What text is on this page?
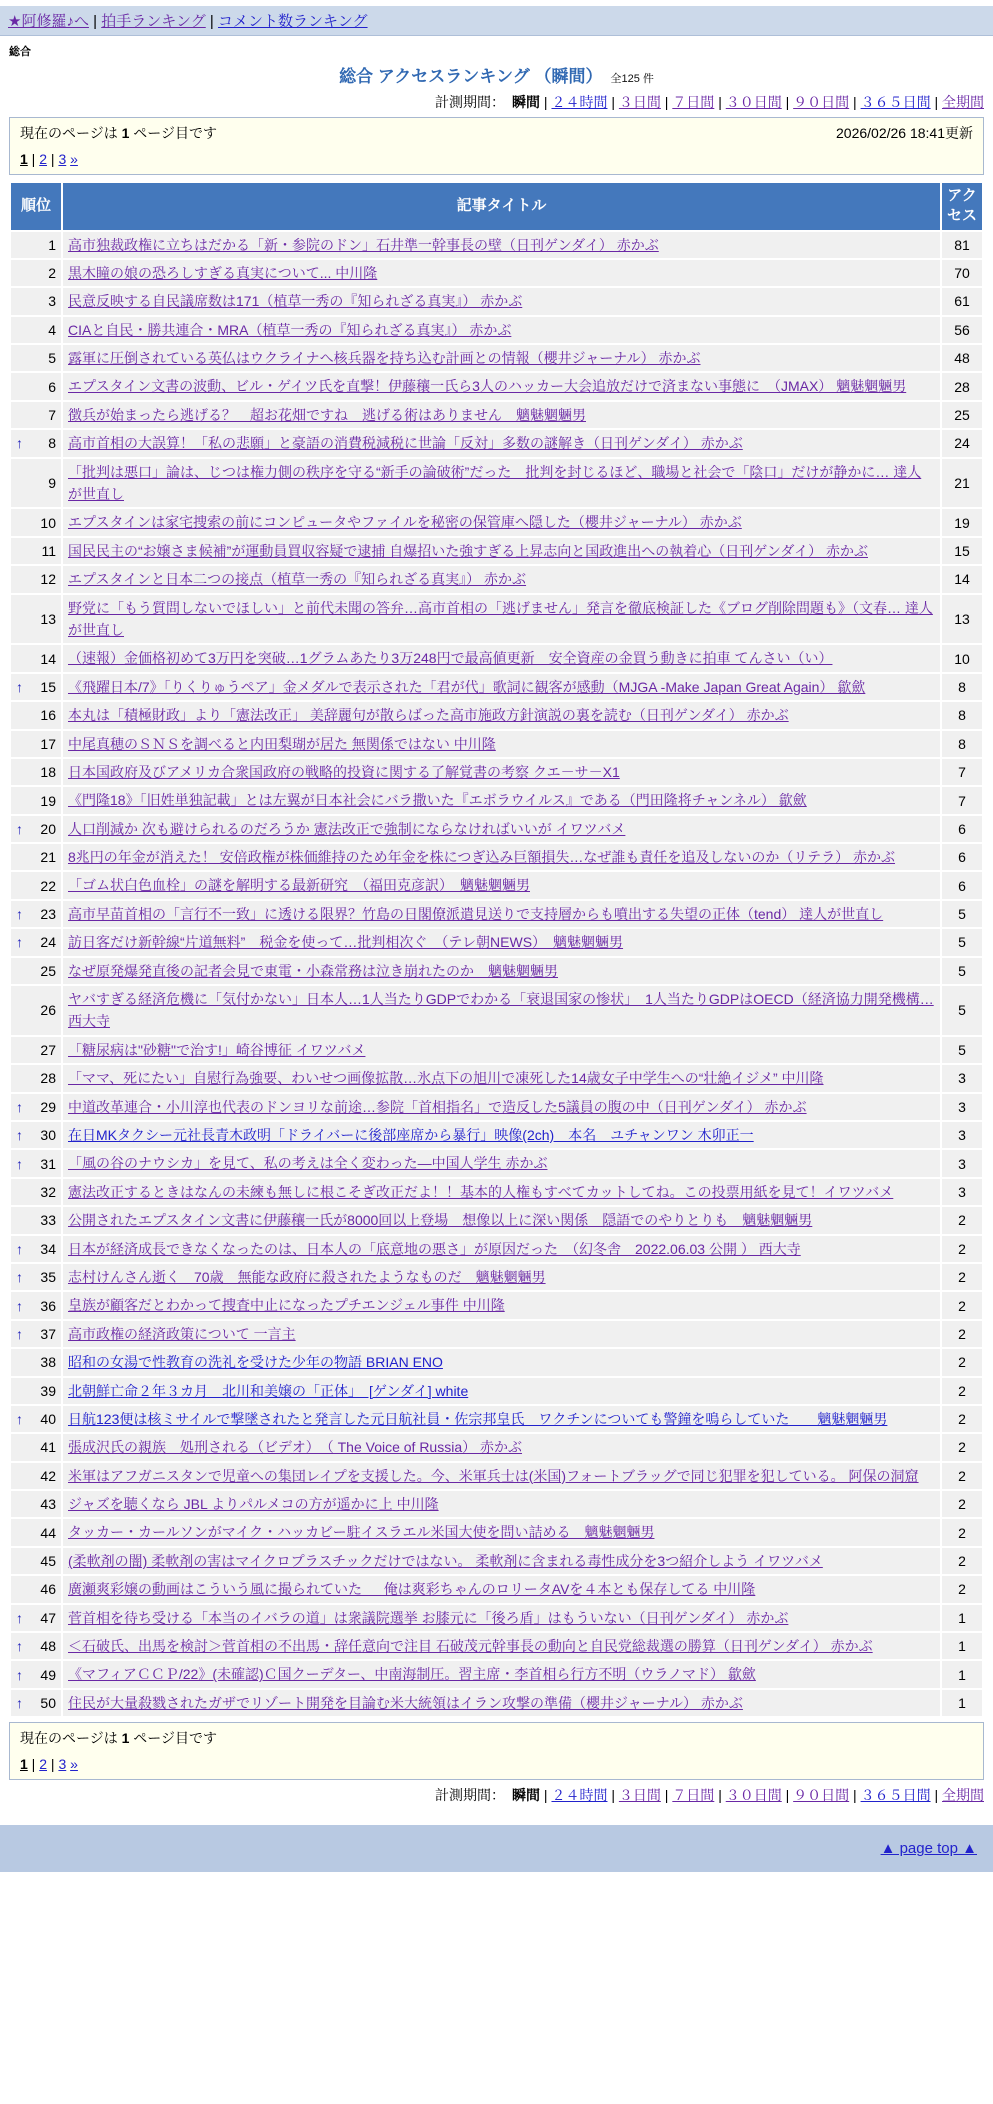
★阿修羅♪へ | 拍手ランキング | コメント数ランキング
総合
総合 アクセスランキング （瞬間） 全125 件
計測期間：　瞬間 | ２４時間 | ３日間 | ７日間 | ３０日間 | ９０日間 | ３６５日間 | 全期間
現在のページは 1 ページ目です	2026/02/26 18:41更新
1 | 2 | 3 »
順位	記事タイトル	アクセス

1	高市独裁政権に立ちはだかる「新・参院のドン」石井準一幹事長の壁（日刊ゲンダイ） 赤かぶ	81

2	黒木瞳の娘の恐ろしすぎる真実について... 中川隆	70

3	民意反映する自民議席数は171（植草一秀の『知られざる真実』） 赤かぶ	61

4	CIAと自民・勝共連合・MRA（植草一秀の『知られざる真実』） 赤かぶ	56

5	露軍に圧倒されている英仏はウクライナへ核兵器を持ち込む計画との情報（櫻井ジャーナル） 赤かぶ	48

6	エプスタイン文書の波動、ビル・ゲイツ氏を直撃！伊藤穰一氏ら3人のハッカー大会追放だけで済まない事態に　（JMAX） 魑魅魍魎男	28

7	徴兵が始まったら逃げる？　超お花畑ですね　逃げる術はありません　魑魅魍魎男	25

↑ 8	高市首相の大誤算！「私の悲願」と豪語の消費税減税に世論「反対」多数の謎解き（日刊ゲンダイ） 赤かぶ	24

9	「批判は悪口」論は、じつは権力側の秩序を守る“新手の論破術”だった　批判を封じるほど、職場と社会で「陰口」だけが静かに… 達人が世直し	21

10	エプスタインは家宅捜索の前にコンピュータやファイルを秘密の保管庫へ隠した（櫻井ジャーナル） 赤かぶ	19

11	国民民主の“お嬢さま候補”が運動員買収容疑で逮捕 自爆招いた強すぎる上昇志向と国政進出への執着心（日刊ゲンダイ） 赤かぶ	15

12	エプスタインと日本二つの接点（植草一秀の『知られざる真実』） 赤かぶ	14

13	野党に「もう質問しないでほしい」と前代未聞の答弁…高市首相の「逃げません」発言を徹底検証した《ブログ削除問題も》（文春… 達人が世直し	13

14	（速報）金価格初めて3万円を突破…1グラムあたり3万248円で最高値更新　安全資産の金買う動きに拍車 てんさい（い）	10

↑ 15	《飛躍日本/7》「りくりゅうペア」金メダルで表示された「君が代」歌詞に観客が感動（MJGA -Make Japan Great Again） 歙歛	8

16	本丸は「積極財政」より「憲法改正」 美辞麗句が散らばった高市施政方針演説の裏を読む（日刊ゲンダイ） 赤かぶ	8

17	中尾真穂のＳＮＳを調べると内田梨瑚が居た 無関係ではない 中川隆	8

18	日本国政府及びアメリカ合衆国政府の戦略的投資に関する了解覚書の考察 クエ－サ－X1	7

19	《門隆18》「旧姓単独記載」とは左翼が日本社会にバラ撒いた『エボラウイルス』である（門田隆将チャンネル） 歙歛	7

↑ 20	人口削減か 次も避けられるのだろうか 憲法改正で強制にならなければいいが イワツバメ	6

21	8兆円の年金が消えた！ 安倍政権が株価維持のため年金を株につぎ込み巨額損失…なぜ誰も責任を追及しないのか（リテラ） 赤かぶ	6

22	「ゴム状白色血栓」の謎を解明する最新研究　（福田克彦訳）　魑魅魍魎男	6

↑ 23	高市早苗首相の「言行不一致」に透ける限界？竹島の日閣僚派遣見送りで支持層からも噴出する失望の正体（tend） 達人が世直し	5

↑ 24	訪日客だけ新幹線“片道無料”　税金を使って…批判相次ぐ　（テレ朝NEWS）　魑魅魍魎男	5

25	なぜ原発爆発直後の記者会見で東電・小森常務は泣き崩れたのか　魑魅魍魎男	5

26	ヤバすぎる経済危機に「気付かない」日本人…1人当たりGDPでわかる「衰退国家の惨状」　1人当たりGDPはOECD（経済協力開発機構… 西大寺	5

27	「糖尿病は"砂糖"で治す!」崎谷博征 イワツバメ	5

28	「ママ、死にたい」自慰行為強要、わいせつ画像拡散…氷点下の旭川で凍死した14歳女子中学生への“壮絶イジメ” 中川隆	3

↑ 29	中道改革連合・小川淳也代表のドンヨリな前途…参院「首相指名」で造反した5議員の腹の中（日刊ゲンダイ） 赤かぶ	3

↑ 30	在日MKタクシー元社長青木政明「ドライバーに後部座席から暴行」映像(2ch)　本名　ユチャンワン 木卯正一	3

↑ 31	「風の谷のナウシカ」を見て、私の考えは全く変わった―中国人学生 赤かぶ	3

32	憲法改正するときはなんの未練も無しに根こそぎ改正だよ！！基本的人権もすべてカットしてね。この投票用紙を見て！イワツバメ	3

33	公開されたエプスタイン文書に伊藤穰一氏が8000回以上登場　想像以上に深い関係　隠語でのやりとりも　魑魅魍魎男	2

↑ 34	日本が経済成長できなくなったのは、日本人の「底意地の悪さ」が原因だった　（幻冬舎　2022.06.03 公開 ） 西大寺	2

↑ 35	志村けんさん逝く　70歳　無能な政府に殺されたようなものだ　魑魅魍魎男	2

↑ 36	皇族が顧客だとわかって捜査中止になったプチエンジェル事件 中川隆	2

↑ 37	高市政権の経済政策について 一言主	2

38	昭和の女湯で性教育の洗礼を受けた少年の物語 BRIAN ENO	2

39	北朝鮮亡命２年３カ月　北川和美嬢の「正体」　[ゲンダイ] white	2

↑ 40	日航123便は核ミサイルで撃墜されたと発言した元日航社員・佐宗邦皇氏　ワクチンについても警鐘を鳴らしていた　　魑魅魍魎男	2

41	張成沢氏の親族　処刑される（ビデオ）　（ The Voice of Russia） 赤かぶ	2

42	米軍はアフガニスタンで児童への集団レイプを支援した。今、米軍兵士は(米国)フォートブラッグで同じ犯罪を犯している。 阿保の洞窟	2

43	ジャズを聴くなら JBL よりパルメコの方が遥かに上 中川隆	2

44	タッカー・カールソンがマイク・ハッカビー駐イスラエル米国大使を問い詰める　魑魅魍魎男	2

45	(柔軟剤の闇) 柔軟剤の害はマイクロプラスチックだけではない。 柔軟剤に含まれる毒性成分を3つ紹介しよう イワツバメ	2

46	廣瀬爽彩嬢の動画はこういう風に撮られていた ＿ 俺は爽彩ちゃんのロリータAVを４本とも保存してる 中川隆	2

↑ 47	菅首相を待ち受ける「本当のイバラの道」は衆議院選挙 お膝元に「後ろ盾」はもういない（日刊ゲンダイ） 赤かぶ	1

↑ 48	＜石破氏、出馬を検討＞菅首相の不出馬・辞任意向で注目 石破茂元幹事長の動向と自民党総裁選の勝算（日刊ゲンダイ） 赤かぶ	1

↑ 49	《マフィアＣＣＰ/22》(未確認)Ｃ国クーデター、中南海制圧。習主席・李首相ら行方不明（ウラノマド） 歙歛	1

↑ 50	住民が大量殺戮されたガザでリゾート開発を目論む米大統領はイラン攻撃の準備（櫻井ジャーナル） 赤かぶ	1
現在のページは 1 ページ目です
1 | 2 | 3 »
計測期間：　瞬間 | ２４時間 | ３日間 | ７日間 | ３０日間 | ９０日間 | ３６５日間 | 全期間
▲ page top ▲
